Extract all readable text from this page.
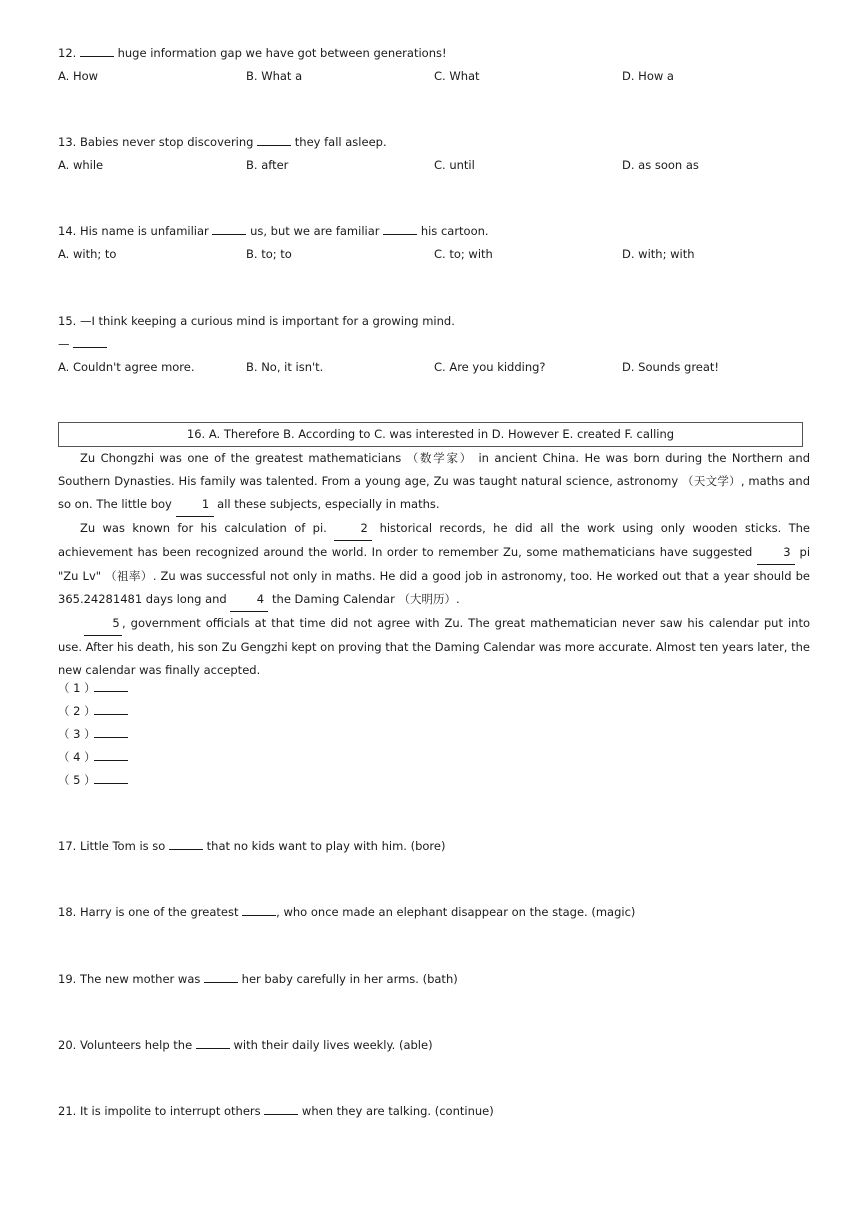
12.	huge information gap we have got between generations!
A. How	B. What a	C. What	D. How a
13. Babies never stop discovering	they fall asleep.
A. while	B. after	C. until	D. as soon as
14. His name is unfamiliar	us, but we are familiar	his cartoon.
A. with; to	B. to; to	C. to; with	D. with; with
15. —I think keeping a curious mind is important for a growing mind.
—
A. Couldn't agree more.	B. No, it isn't.	C. Are you kidding?	D. Sounds great!
16. A. Therefore B. According to C. was interested in D. However E. created F. calling
Zu Chongzhi was one of the greatest mathematicians （数学家） in ancient China. He was born during the Northern and Southern Dynasties. His family was talented. From a young age, Zu was taught natural science, astronomy （天文学）, maths and so on. The little boy	1 all these subjects, especially in maths.
Zu was known for his calculation of pi.	2 historical records, he did all the work using only wooden sticks. The achievement has been recognized around the world. In order to remember Zu, some mathematicians have suggested	3 pi "Zu Lv" （祖率）. Zu was successful not only in maths. He did a good job in astronomy, too. He worked out that a year should be 365.24281481 days long and	4 the Daming Calendar （大明历）.
5 , government officials at that time did not agree with Zu. The great mathematician never saw his calendar put into use. After his death, his son Zu Gengzhi kept on proving that the Daming Calendar was more accurate. Almost ten years later, the new calendar was finally accepted.
（ 1 ）
（ 2 ）
（ 3 ）
（ 4 ）
（ 5 ）
17. Little Tom is so	that no kids want to play with him. (bore)
18. Harry is one of the greatest	, who once made an elephant disappear on the stage. (magic)
19. The new mother was	her baby carefully in her arms. (bath)
20. Volunteers help the	with their daily lives weekly. (able)
21. It is impolite to interrupt others	when they are talking. (continue)
